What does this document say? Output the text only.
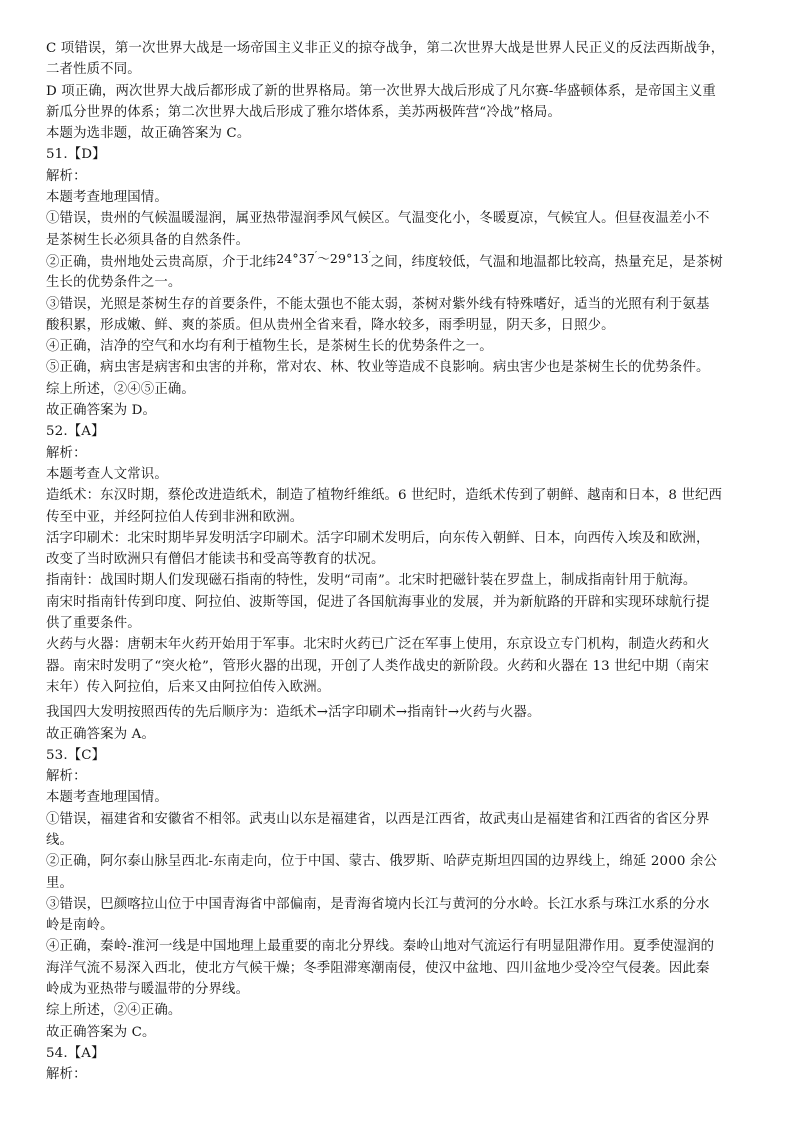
C 项错误，第一次世界大战是一场帝国主义非正义的掠夺战争，第二次世界大战是世界人民正义的反法西斯战争，
二者性质不同。
D 项正确，两次世界大战后都形成了新的世界格局。第一次世界大战后形成了凡尔赛-华盛顿体系，是帝国主义重
新瓜分世界的体系；第二次世界大战后形成了雅尔塔体系，美苏两极阵营“冷战”格局。
本题为选非题，故正确答案为 C。
51.【D】
解析：
本题考查地理国情。
①错误，贵州的气候温暖湿润，属亚热带湿润季风气候区。气温变化小，冬暖夏凉，气候宜人。但昼夜温差小不
是茶树生长必须具备的自然条件。
②正确，贵州地处云贵高原，介于北纬24°37′～29°13′之间，纬度较低，气温和地温都比较高，热量充足，是茶树
生长的优势条件之一。
③错误，光照是茶树生存的首要条件，不能太强也不能太弱，茶树对紫外线有特殊嗜好，适当的光照有利于氨基
酸积累，形成嫩、鲜、爽的茶质。但从贵州全省来看，降水较多，雨季明显，阴天多，日照少。
④正确，洁净的空气和水均有利于植物生长，是茶树生长的优势条件之一。
⑤正确，病虫害是病害和虫害的并称，常对农、林、牧业等造成不良影响。病虫害少也是茶树生长的优势条件。
综上所述，②④⑤正确。
故正确答案为 D。
52.【A】
解析：
本题考查人文常识。
造纸术：东汉时期，蔡伦改进造纸术，制造了植物纤维纸。6 世纪时，造纸术传到了朝鲜、越南和日本，8 世纪西
传至中亚，并经阿拉伯人传到非洲和欧洲。
活字印刷术：北宋时期毕昇发明活字印刷术。活字印刷术发明后，向东传入朝鲜、日本，向西传入埃及和欧洲，
改变了当时欧洲只有僧侣才能读书和受高等教育的状况。
指南针：战国时期人们发现磁石指南的特性，发明“司南”。北宋时把磁针装在罗盘上，制成指南针用于航海。
南宋时指南针传到印度、阿拉伯、波斯等国，促进了各国航海事业的发展，并为新航路的开辟和实现环球航行提
供了重要条件。
火药与火器：唐朝末年火药开始用于军事。北宋时火药已广泛在军事上使用，东京设立专门机构，制造火药和火
器。南宋时发明了“突火枪”，管形火器的出现，开创了人类作战史的新阶段。火药和火器在 13 世纪中期（南宋
末年）传入阿拉伯，后来又由阿拉伯传入欧洲。
我国四大发明按照西传的先后顺序为：造纸术→活字印刷术→指南针→火药与火器。
故正确答案为 A。
53.【C】
解析：
本题考查地理国情。
①错误，福建省和安徽省不相邻。武夷山以东是福建省，以西是江西省，故武夷山是福建省和江西省的省区分界
线。
②正确，阿尔泰山脉呈西北-东南走向，位于中国、蒙古、俄罗斯、哈萨克斯坦四国的边界线上，绵延 2000 余公
里。
③错误，巴颜喀拉山位于中国青海省中部偏南，是青海省境内长江与黄河的分水岭。长江水系与珠江水系的分水
岭是南岭。
④正确，秦岭-淮河一线是中国地理上最重要的南北分界线。秦岭山地对气流运行有明显阻滞作用。夏季使湿润的
海洋气流不易深入西北，使北方气候干燥；冬季阻滞寒潮南侵，使汉中盆地、四川盆地少受冷空气侵袭。因此秦
岭成为亚热带与暖温带的分界线。
综上所述，②④正确。
故正确答案为 C。
54.【A】
解析：
